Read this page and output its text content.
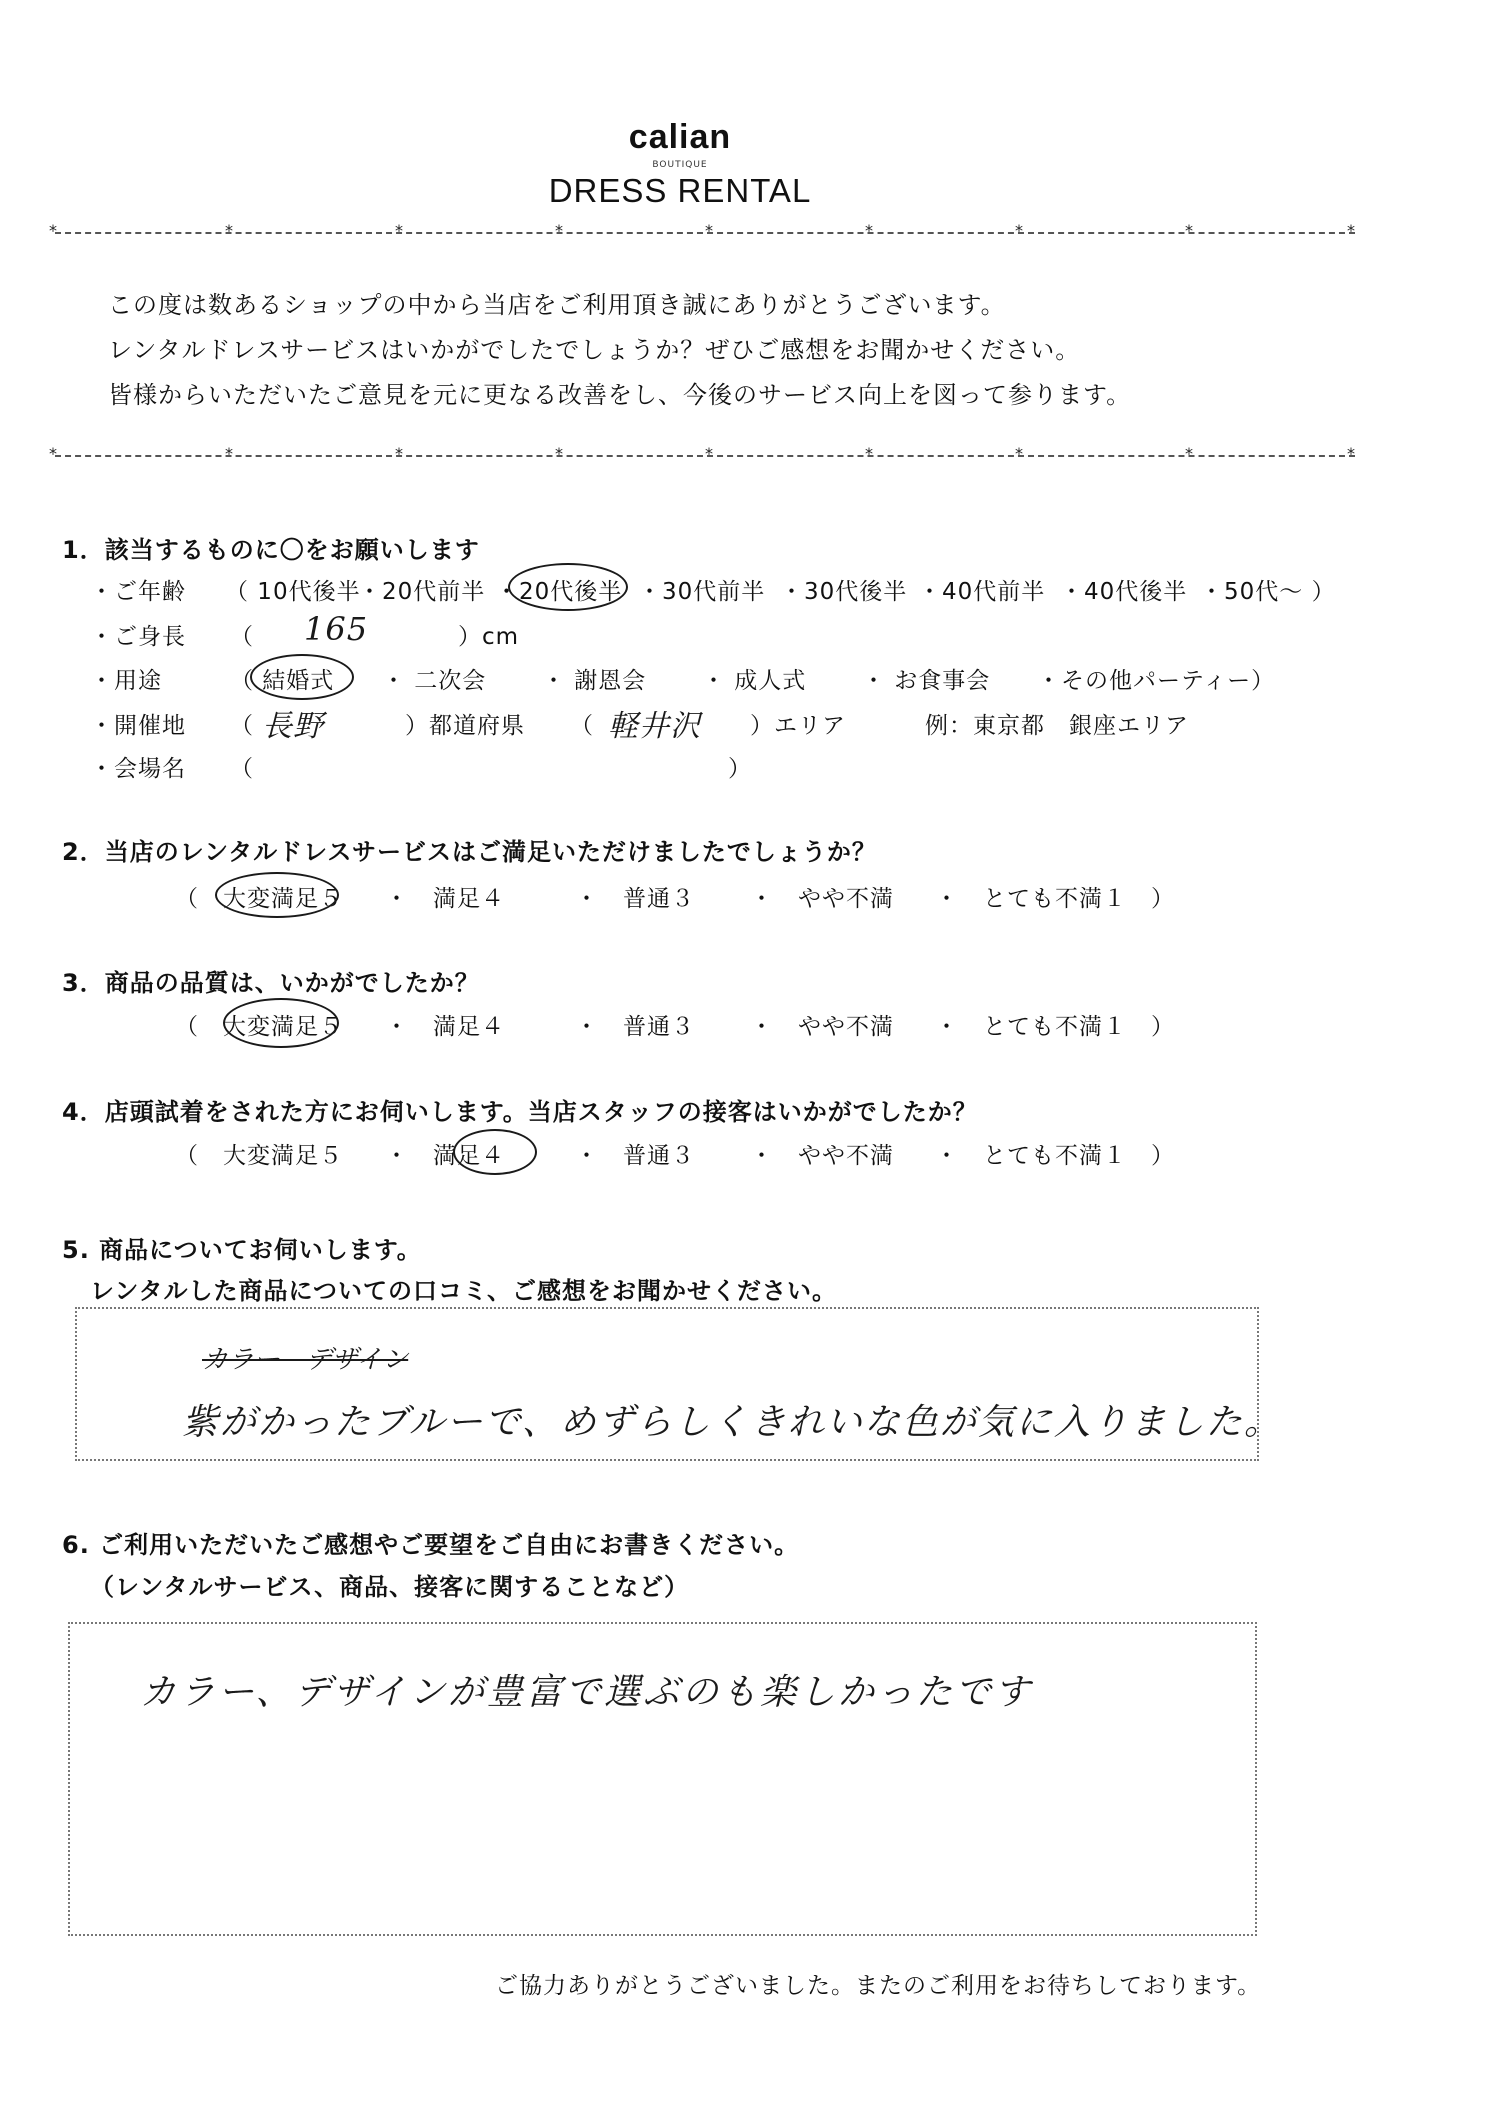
calian
BOUTIQUE
DRESS RENTAL
*	*	*	*	*	*	*	*	*
この度は数あるショップの中から当店をご利用頂き誠にありがとうございます。
レンタルドレスサービスはいかがでしたでしょうか？ぜひご感想をお聞かせください。
皆様からいただいたご意見を元に更なる改善をし、今後のサービス向上を図って参ります。
*	*	*	*	*	*	*	*	*
1．該当するものに〇をお願いします
・ご年齢 （ 10代後半
・20代前半 ・20代後半 ・30代前半 ・30代後半 ・40代前半 ・40代後半 ・50代～ ）
・ご身長 （ 165	）cm
・用途	（ 結婚式 ・ 二次会 ・ 謝恩会 ・ 成人式 ・ お食事会 ・その他パーティー）
・開催地 （ 長野	）都道府県 （ 軽井沢 ）エリア	例：東京都　銀座エリア
・会場名 （	）
2．当店のレンタルドレスサービスはご満足いただけましたでしょうか？
（　大変満足５ ・　満足４	・　普通３ ・　やや不満 ・　とても不満１　）
3．商品の品質は、いかがでしたか？
（　大変満足５ ・　満足４	・　普通３ ・　やや不満 ・　とても不満１　）
4．店頭試着をされた方にお伺いします。当店スタッフの接客はいかがでしたか？
（　大変満足５ ・　満足４	・　普通３ ・　やや不満 ・　とても不満１　）
5. 商品についてお伺いします。
レンタルした商品についての口コミ、ご感想をお聞かせください。
カラー　デザイン
紫がかったブルーで、めずらしくきれいな色が気に入りました。
6. ご利用いただいたご感想やご要望をご自由にお書きください。
（レンタルサービス、商品、接客に関することなど）
カラー、デザインが豊富で選ぶのも楽しかったです
ご協力ありがとうございました。またのご利用をお待ちしております。
